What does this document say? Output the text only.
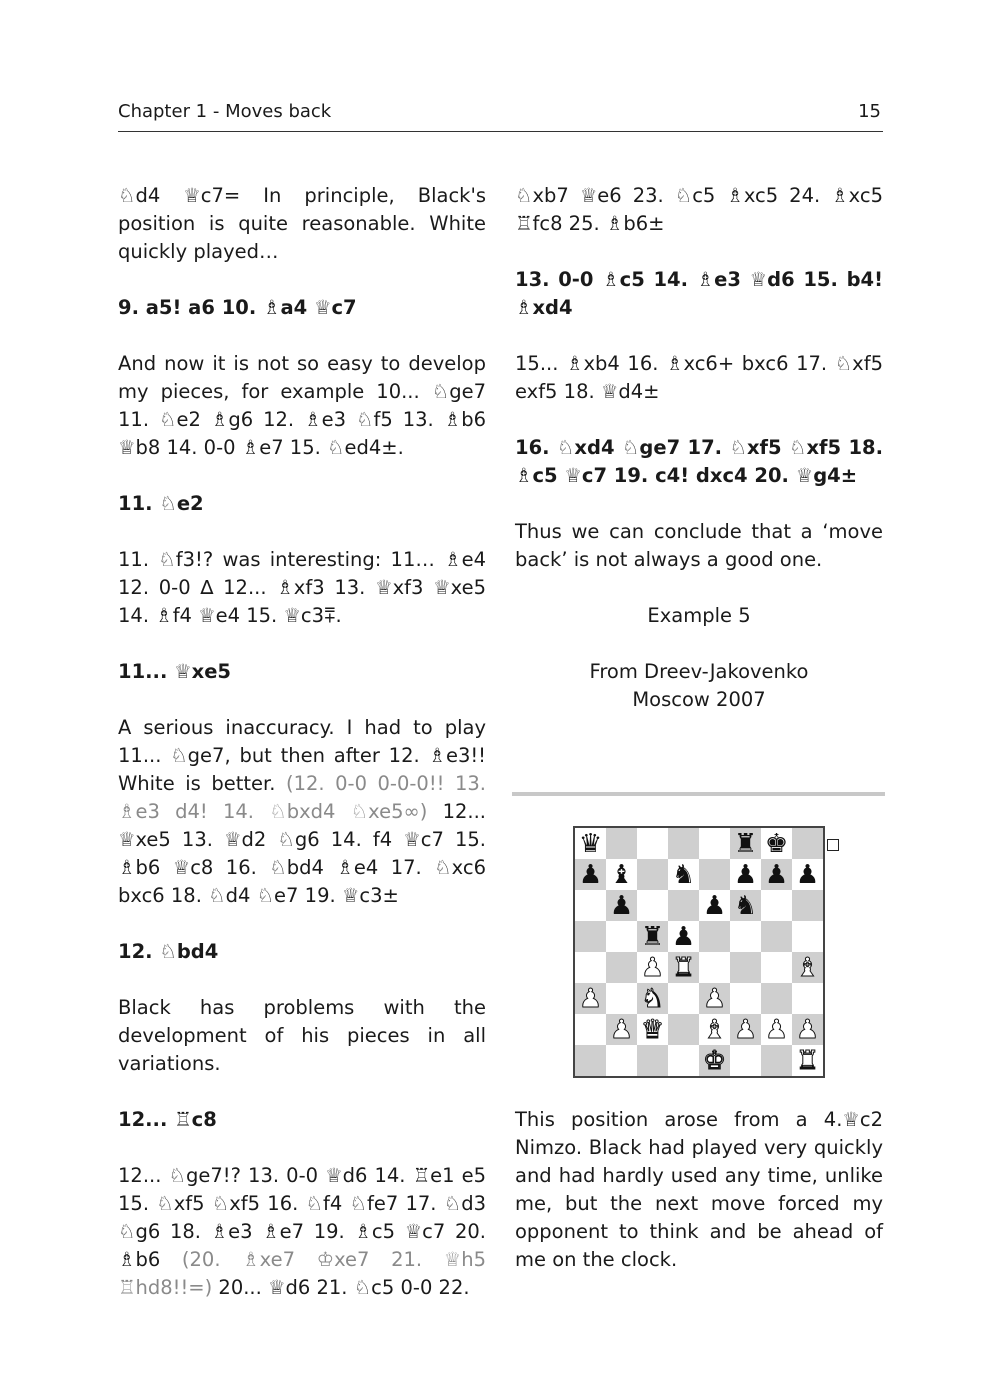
Chapter 1 - Moves back	15

♘d4 ♕c7= In principle, Black's position is quite reasonable. White quickly played…

9. a5! a6 10. ♗a4 ♕c7

And now it is not so easy to develop my pieces, for example 10... ♘ge7 11. ♘e2 ♗g6 12. ♗e3 ♘f5 13. ♗b6 ♕b8 14. 0-0 ♗e7 15. ♘ed4±.

11. ♘e2

11. ♘f3!? was interesting: 11… ♗e4 12. 0-0 ∆ 12... ♗xf3 13. ♕xf3 ♕xe5 14. ♗f4 ♕e4 15. ♕c3⩱.

11... ♕xe5

A serious inaccuracy. I had to play 11... ♘ge7, but then after 12. ♗e3!! White is better. (12. 0-0 0-0-0!! 13. ♗e3 d4! 14. ♘bxd4 ♘xe5∞) 12... ♕xe5 13. ♕d2 ♘g6 14. f4 ♕c7 15. ♗b6 ♕c8 16. ♘bd4 ♗e4 17. ♘xc6 bxc6 18. ♘d4 ♘e7 19. ♕c3±

12. ♘bd4

Black has problems with the development of his pieces in all variations.

12... ♖c8

12... ♘ge7!? 13. 0-0 ♕d6 14. ♖e1 e5 15. ♘xf5 ♘xf5 16. ♘f4 ♘fe7 17. ♘d3 ♘g6 18. ♗e3 ♗e7 19. ♗c5 ♕c7 20. ♗b6 (20. ♗xe7 ♔xe7 21. ♕h5 ♖hd8!!=) 20... ♕d6 21. ♘c5 0-0 22.

♘xb7 ♕e6 23. ♘c5 ♗xc5 24. ♗xc5 ♖fc8 25. ♗b6±

13. 0-0 ♗c5 14. ♗e3 ♕d6 15. b4! ♗xd4

15... ♗xb4 16. ♗xc6+ bxc6 17. ♘xf5 exf5 18. ♕d4±

16. ♘xd4 ♘ge7 17. ♘xf5 ♘xf5 18. ♗c5 ♕c7 19. c4! dxc4 20. ♕g4±

Thus we can conclude that a ‘move back’ is not always a good one.

Example 5

From Dreev-Jakovenko
Moscow 2007

♛	♜ ♚
♟ ♝ ♞ ♟ ♟ ♟
♟	♟ ♞
♜ ♟
♟ ♜	♝
♟ ♞ ♟
♟ ♛ ♝ ♟ ♟ ♟
♚	♜

This position arose from a 4.♕c2 Nimzo. Black had played very quickly and had hardly used any time, unlike me, but the next move forced my opponent to think and be ahead of me on the clock.
